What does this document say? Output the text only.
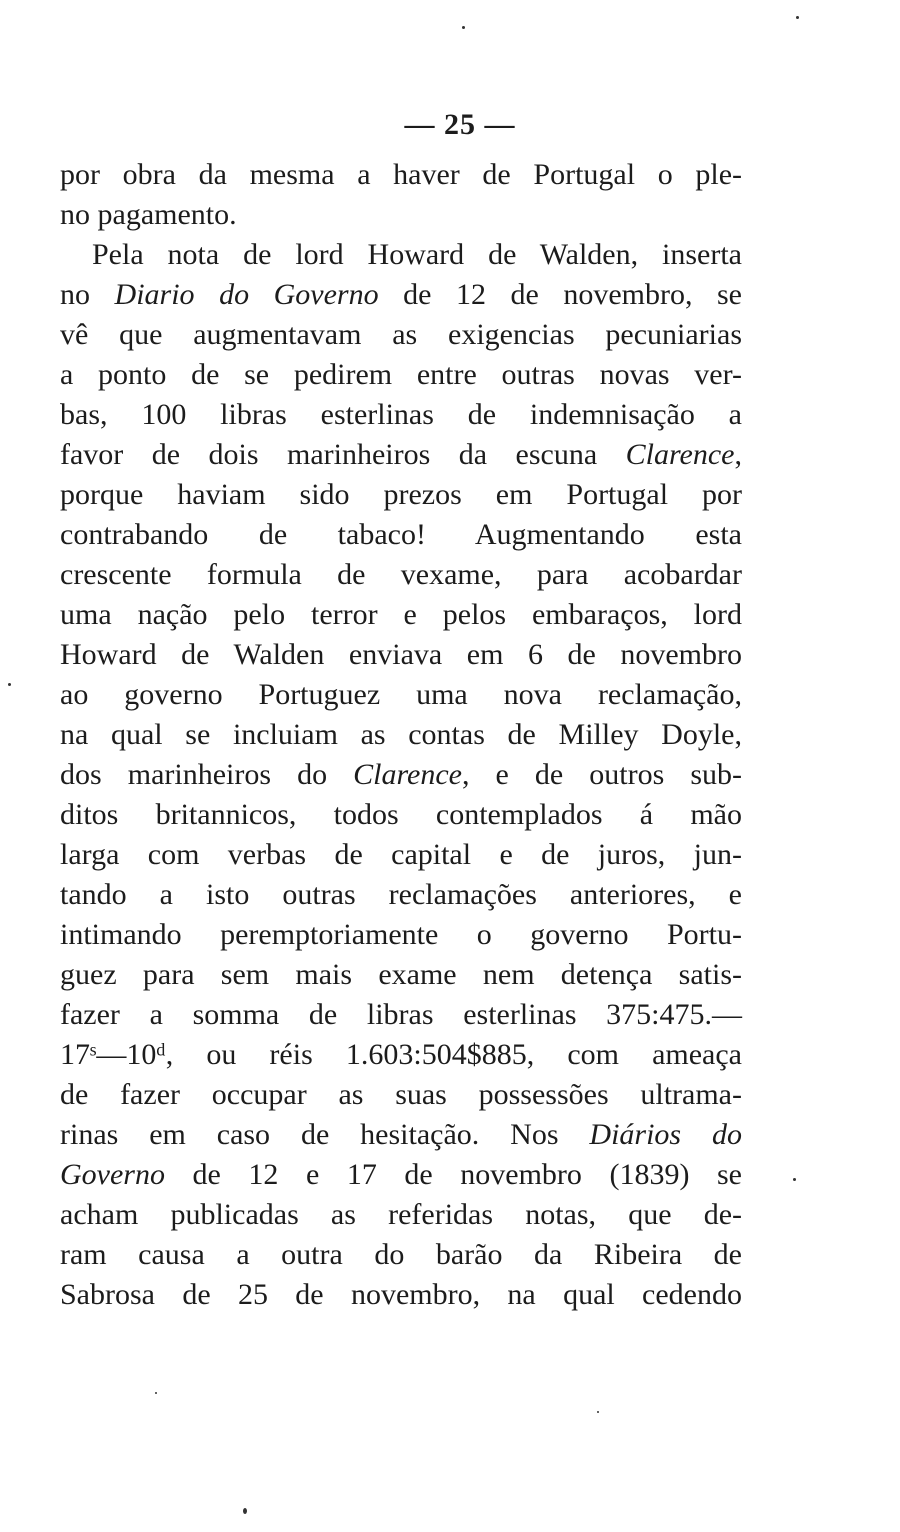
— 25 —
por obra da mesma a haver de Portugal o ple-
no pagamento.
Pela nota de lord Howard de Walden, inserta
no Diario do Governo de 12 de novembro, se
vê que augmentavam as exigencias pecuniarias
a ponto de se pedirem entre outras novas ver-
bas, 100 libras esterlinas de indemnisação a
favor de dois marinheiros da escuna Clarence,
porque haviam sido prezos em Portugal por
contrabando de tabaco! Augmentando esta
crescente formula de vexame, para acobardar
uma nação pelo terror e pelos embaraços, lord
Howard de Walden enviava em 6 de novembro
ao governo Portuguez uma nova reclamação,
na qual se incluiam as contas de Milley Doyle,
dos marinheiros do Clarence, e de outros sub-
ditos britannicos, todos contemplados á mão
larga com verbas de capital e de juros, jun-
tando a isto outras reclamações anteriores, e
intimando peremptoriamente o governo Portu-
guez para sem mais exame nem detença satis-
fazer a somma de libras esterlinas 375:475.—
17ˢ—10ᵈ, ou réis 1.603:504$885, com ameaça
de fazer occupar as suas possessões ultrama-
rinas em caso de hesitação. Nos Diários do
Governo de 12 e 17 de novembro (1839) se
acham publicadas as referidas notas, que de-
ram causa a outra do barão da Ribeira de
Sabrosa de 25 de novembro, na qual cedendo
